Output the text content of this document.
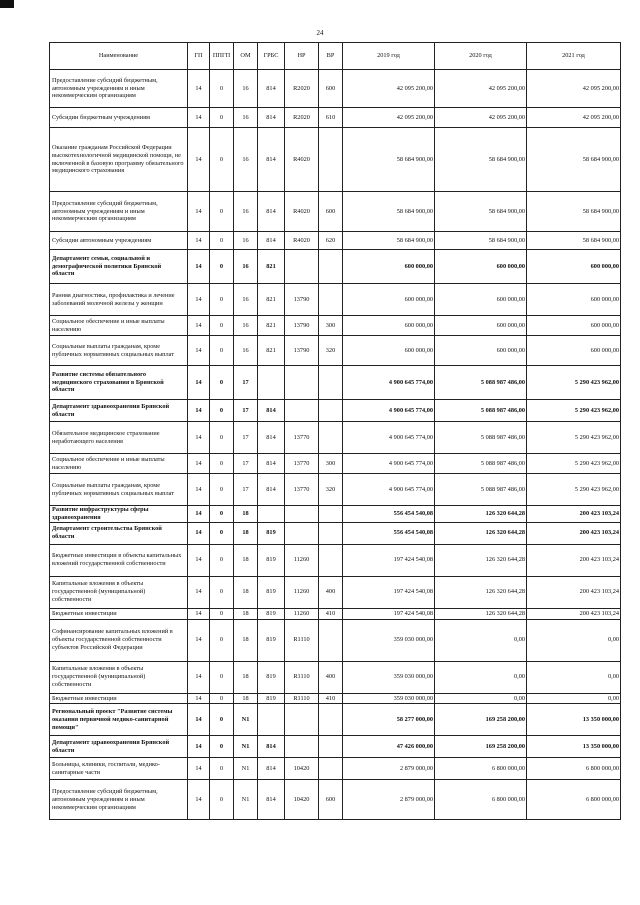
24
Наименование	ГП	ППГП	ОМ	ГРБС	НР	ВР	2019 год	2020 год	2021 год
Предоставление субсидий бюджетным, автономным учреждениям и иным некоммерческим организациям	14	0	16	814	R2020	600	42 095 200,00	42 095 200,00	42 095 200,00
Субсидии бюджетным учреждениям	14	0	16	814	R2020	610	42 095 200,00	42 095 200,00	42 095 200,00
Оказание гражданам Российской Федерации высокотехнологичной медицинской помощи, не включенной в базовую программу обязательного медицинского страхования	14	0	16	814	R4020		58 684 900,00	58 684 900,00	58 684 900,00
Предоставление субсидий бюджетным, автономным учреждениям и иным некоммерческим организациям	14	0	16	814	R4020	600	58 684 900,00	58 684 900,00	58 684 900,00
Субсидии автономным учреждениям	14	0	16	814	R4020	620	58 684 900,00	58 684 900,00	58 684 900,00
Департамент семьи, социальной и демографической политики Брянской области	14	0	16	821			600 000,00	600 000,00	600 000,00
Ранняя диагностика, профилактика и лечение заболеваний молочной железы у женщин	14	0	16	821	13790		600 000,00	600 000,00	600 000,00
Социальное обеспечение и иные выплаты населению	14	0	16	821	13790	300	600 000,00	600 000,00	600 000,00
Социальные выплаты гражданам, кроме публичных нормативных социальных выплат	14	0	16	821	13790	320	600 000,00	600 000,00	600 000,00
Развитие системы обязательного медицинского страхования в Брянской области	14	0	17				4 900 645 774,00	5 088 987 486,00	5 290 423 962,00
Департамент здравоохранения Брянской области	14	0	17	814			4 900 645 774,00	5 088 987 486,00	5 290 423 962,00
Обязательное медицинское страхование неработающего населения	14	0	17	814	13770		4 900 645 774,00	5 088 987 486,00	5 290 423 962,00
Социальное обеспечение и иные выплаты населению	14	0	17	814	13770	300	4 900 645 774,00	5 088 987 486,00	5 290 423 962,00
Социальные выплаты гражданам, кроме публичных нормативных социальных выплат	14	0	17	814	13770	320	4 900 645 774,00	5 088 987 486,00	5 290 423 962,00
Развитие инфраструктуры сферы здравоохранения	14	0	18				556 454 540,08	126 320 644,28	200 423 103,24
Департамент строительства Брянской области	14	0	18	819			556 454 540,08	126 320 644,28	200 423 103,24
Бюджетные инвестиции в объекты капитальных вложений государственной собственности	14	0	18	819	11260		197 424 540,08	126 320 644,28	200 423 103,24
Капитальные вложения в объекты государственной (муниципальной) собственности	14	0	18	819	11260	400	197 424 540,08	126 320 644,28	200 423 103,24
Бюджетные инвестиции	14	0	18	819	11260	410	197 424 540,08	126 320 644,28	200 423 103,24
Софинансирование капитальных вложений в объекты государственной собственности субъектов Российской Федерации	14	0	18	819	R1110		359 030 000,00	0,00	0,00
Капитальные вложения в объекты государственной (муниципальной) собственности	14	0	18	819	R1110	400	359 030 000,00	0,00	0,00
Бюджетные инвестиции	14	0	18	819	R1110	410	359 030 000,00	0,00	0,00
Региональный проект "Развитие системы оказания первичной медико-санитарной помощи"	14	0	N1				58 277 000,00	169 258 200,00	13 350 000,00
Департамент здравоохранения Брянской области	14	0	N1	814			47 426 000,00	169 258 200,00	13 350 000,00
Больницы, клиники, госпитали, медико-санитарные части	14	0	N1	814	10420		2 879 000,00	6 800 000,00	6 800 000,00
Предоставление субсидий бюджетным, автономным учреждениям и иным некоммерческим организациям	14	0	N1	814	10420	600	2 879 000,00	6 800 000,00	6 800 000,00
